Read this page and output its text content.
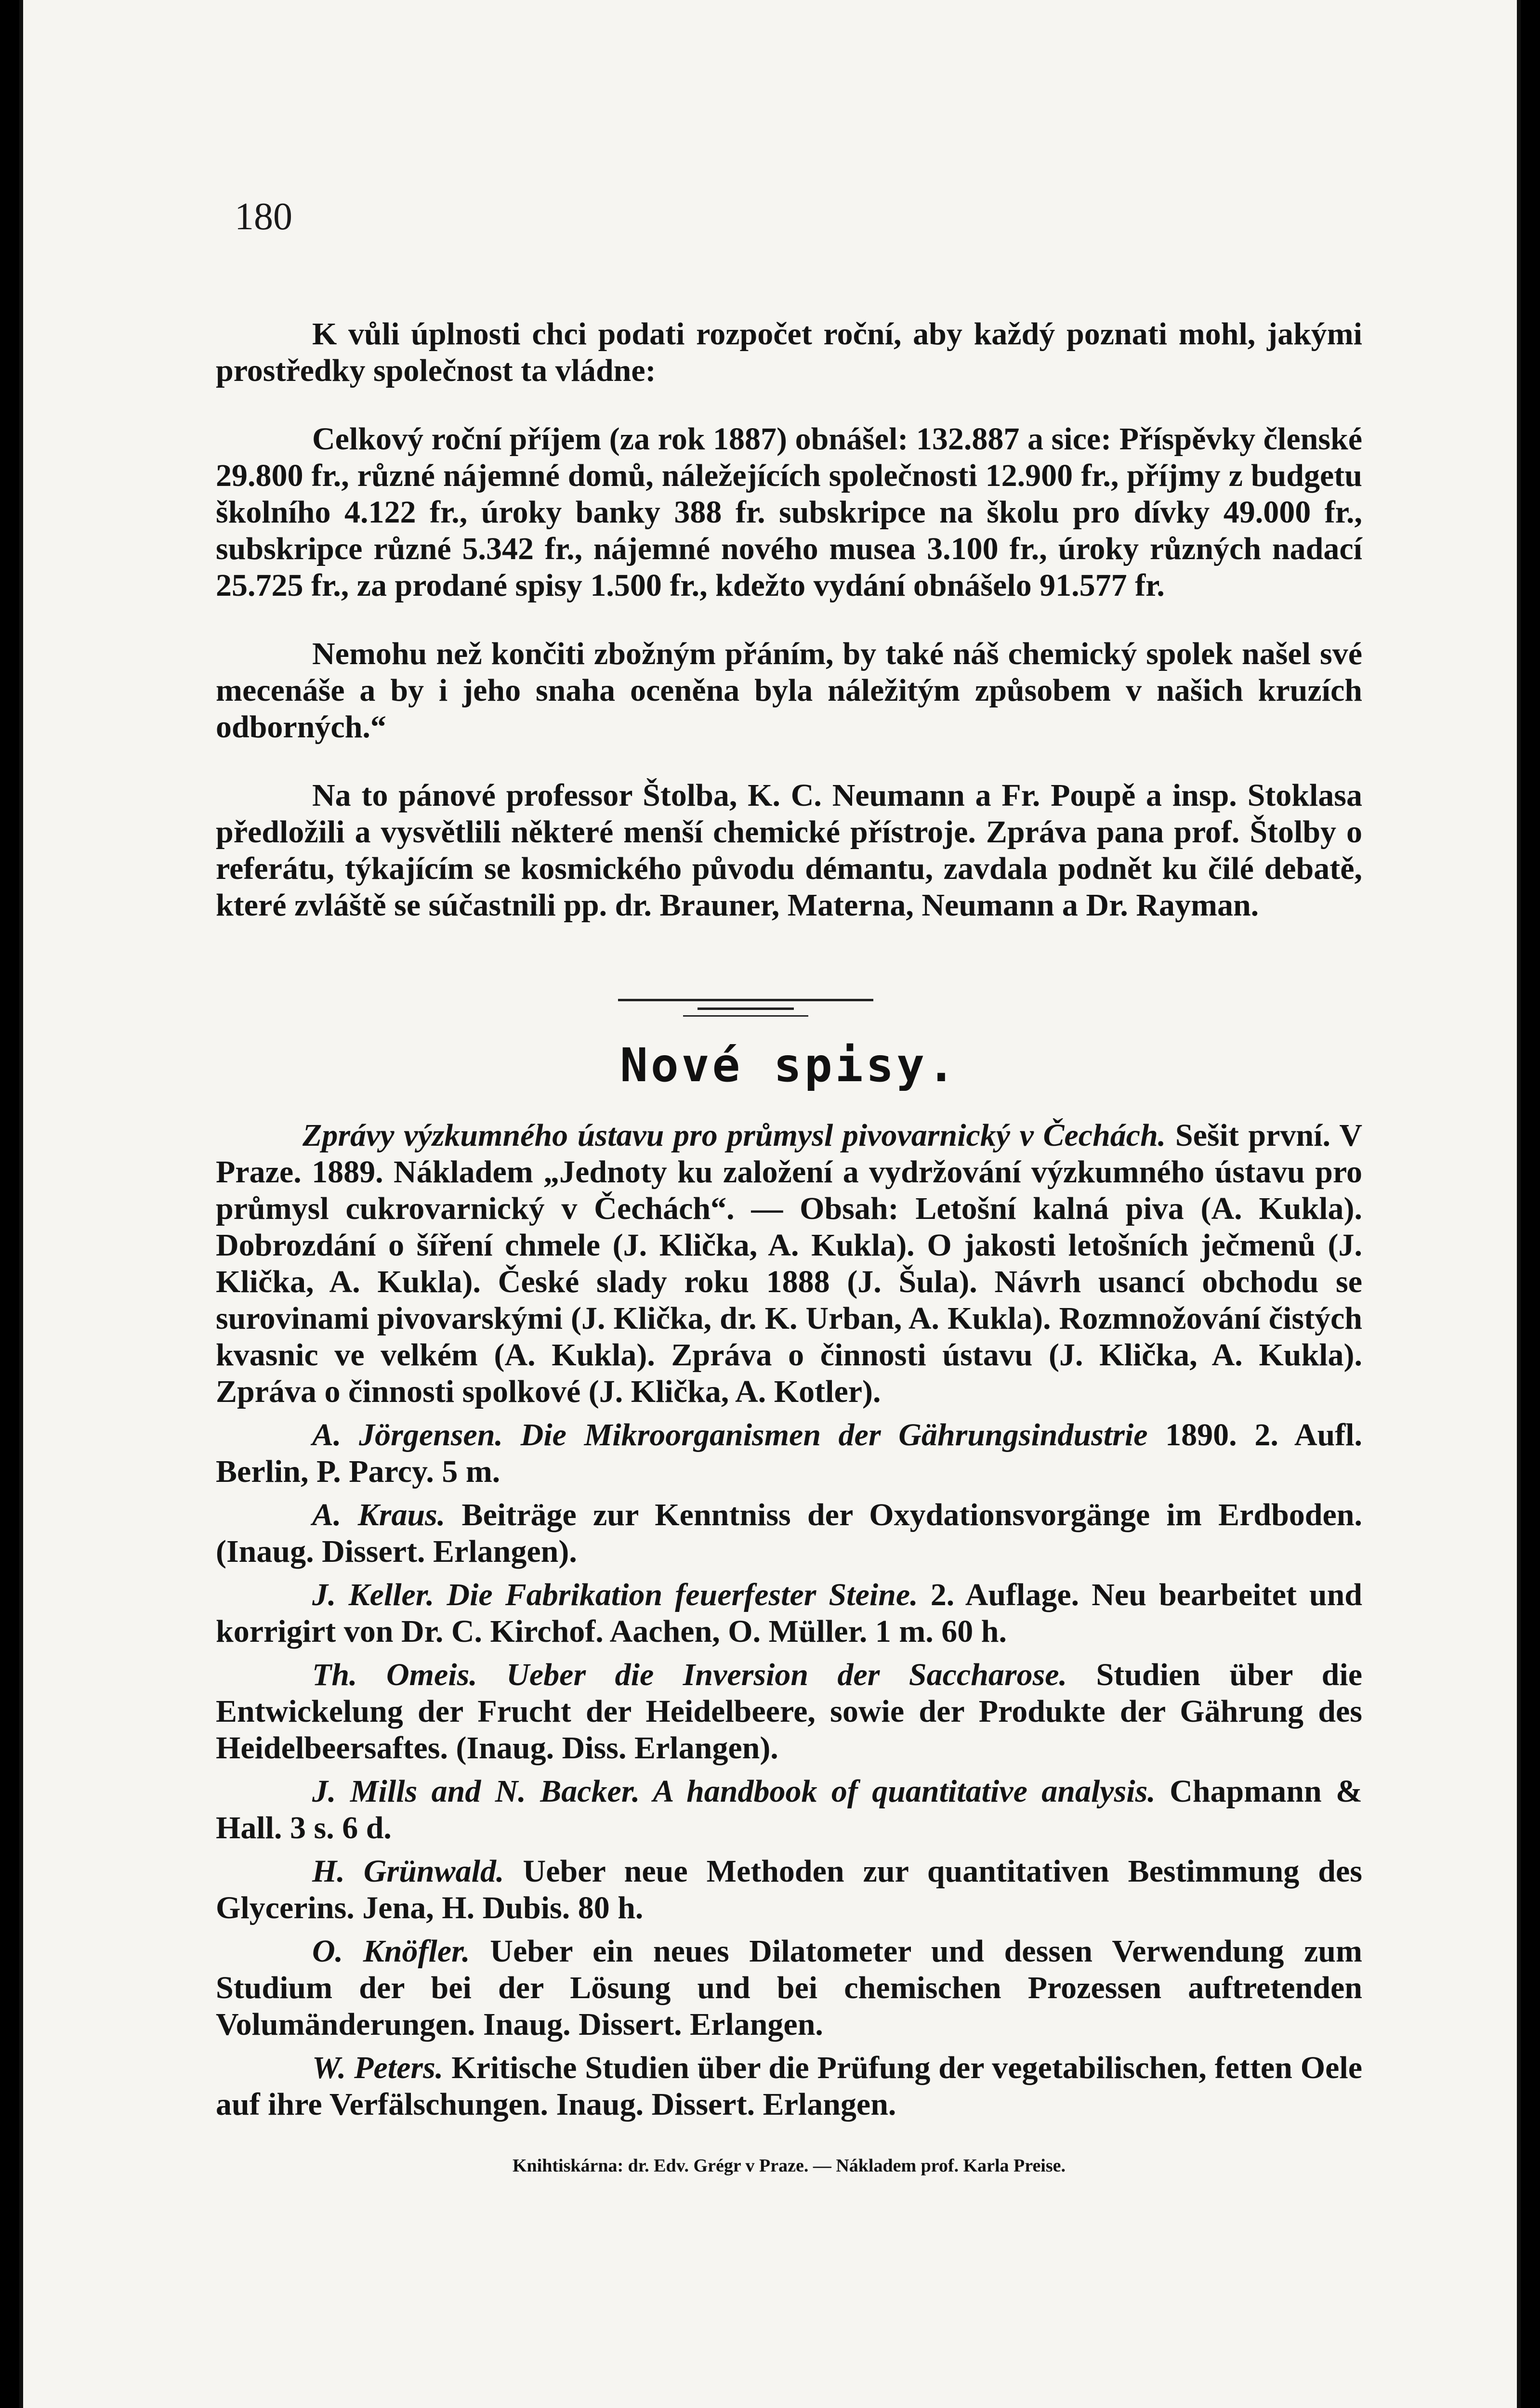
180

K vůli úplnosti chci podati rozpočet roční, aby každý poznati mohl, jakými prostředky společnost ta vládne:

Celkový roční příjem (za rok 1887) obnášel: 132.887 a sice: Příspěvky členské 29.800 fr., různé nájemné domů, náležejících společnosti 12.900 fr., příjmy z budgetu školního 4.122 fr., úroky banky 388 fr. subskripce na školu pro dívky 49.000 fr., subskripce různé 5.342 fr., nájemné nového musea 3.100 fr., úroky různých nadací 25.725 fr., za prodané spisy 1.500 fr., kdežto vydání obnášelo 91.577 fr.

Nemohu než končiti zbožným přáním, by také náš chemický spolek našel své mecenáše a by i jeho snaha oceněna byla náležitým způsobem v našich kruzích odborných.“

Na to pánové professor Štolba, K. C. Neumann a Fr. Poupě a insp. Stoklasa předložili a vysvětlili některé menší chemické přístroje. Zpráva pana prof. Štolby o referátu, týkajícím se kosmického původu démantu, zavdala podnět ku čilé debatě, které zvláště se súčastnili pp. dr. Brauner, Materna, Neumann a Dr. Rayman.

Nové spisy.

Zprávy výzkumného ústavu pro průmysl pivovarnický v Čechách. Sešit první. V Praze. 1889. Nákladem „Jednoty ku založení a vydržování výzkumného ústavu pro průmysl cukrovarnický v Čechách“. — Obsah: Letošní kalná piva (A. Kukla). Dobrozdání o šíření chmele (J. Klička, A. Kukla). O jakosti letošních ječmenů (J. Klička, A. Kukla). České slady roku 1888 (J. Šula). Návrh usancí obchodu se surovinami pivovarskými (J. Klička, dr. K. Urban, A. Kukla). Rozmnožování čistých kvasnic ve velkém (A. Kukla). Zpráva o činnosti ústavu (J. Klička, A. Kukla). Zpráva o činnosti spolkové (J. Klička, A. Kotler).

A. Jörgensen. Die Mikroorganismen der Gährungsindustrie 1890. 2. Aufl. Berlin, P. Parcy. 5 m.

A. Kraus. Beiträge zur Kenntniss der Oxydationsvorgänge im Erdboden. (Inaug. Dissert. Erlangen).

J. Keller. Die Fabrikation feuerfester Steine. 2. Auflage. Neu bearbeitet und korrigirt von Dr. C. Kirchof. Aachen, O. Müller. 1 m. 60 h.

Th. Omeis. Ueber die Inversion der Saccharose. Studien über die Entwickelung der Frucht der Heidelbeere, sowie der Produkte der Gährung des Heidelbeersaftes. (Inaug. Diss. Erlangen).

J. Mills and N. Backer. A handbook of quantitative analysis. Chapmann & Hall. 3 s. 6 d.

H. Grünwald. Ueber neue Methoden zur quantitativen Bestimmung des Glycerins. Jena, H. Dubis. 80 h.

O. Knöfler. Ueber ein neues Dilatometer und dessen Verwendung zum Studium der bei der Lösung und bei chemischen Prozessen auftretenden Volumänderungen. Inaug. Dissert. Erlangen.

W. Peters. Kritische Studien über die Prüfung der vegetabilischen, fetten Oele auf ihre Verfälschungen. Inaug. Dissert. Erlangen.

Knihtiskárna: dr. Edv. Grégr v Praze. — Nákladem prof. Karla Preise.
